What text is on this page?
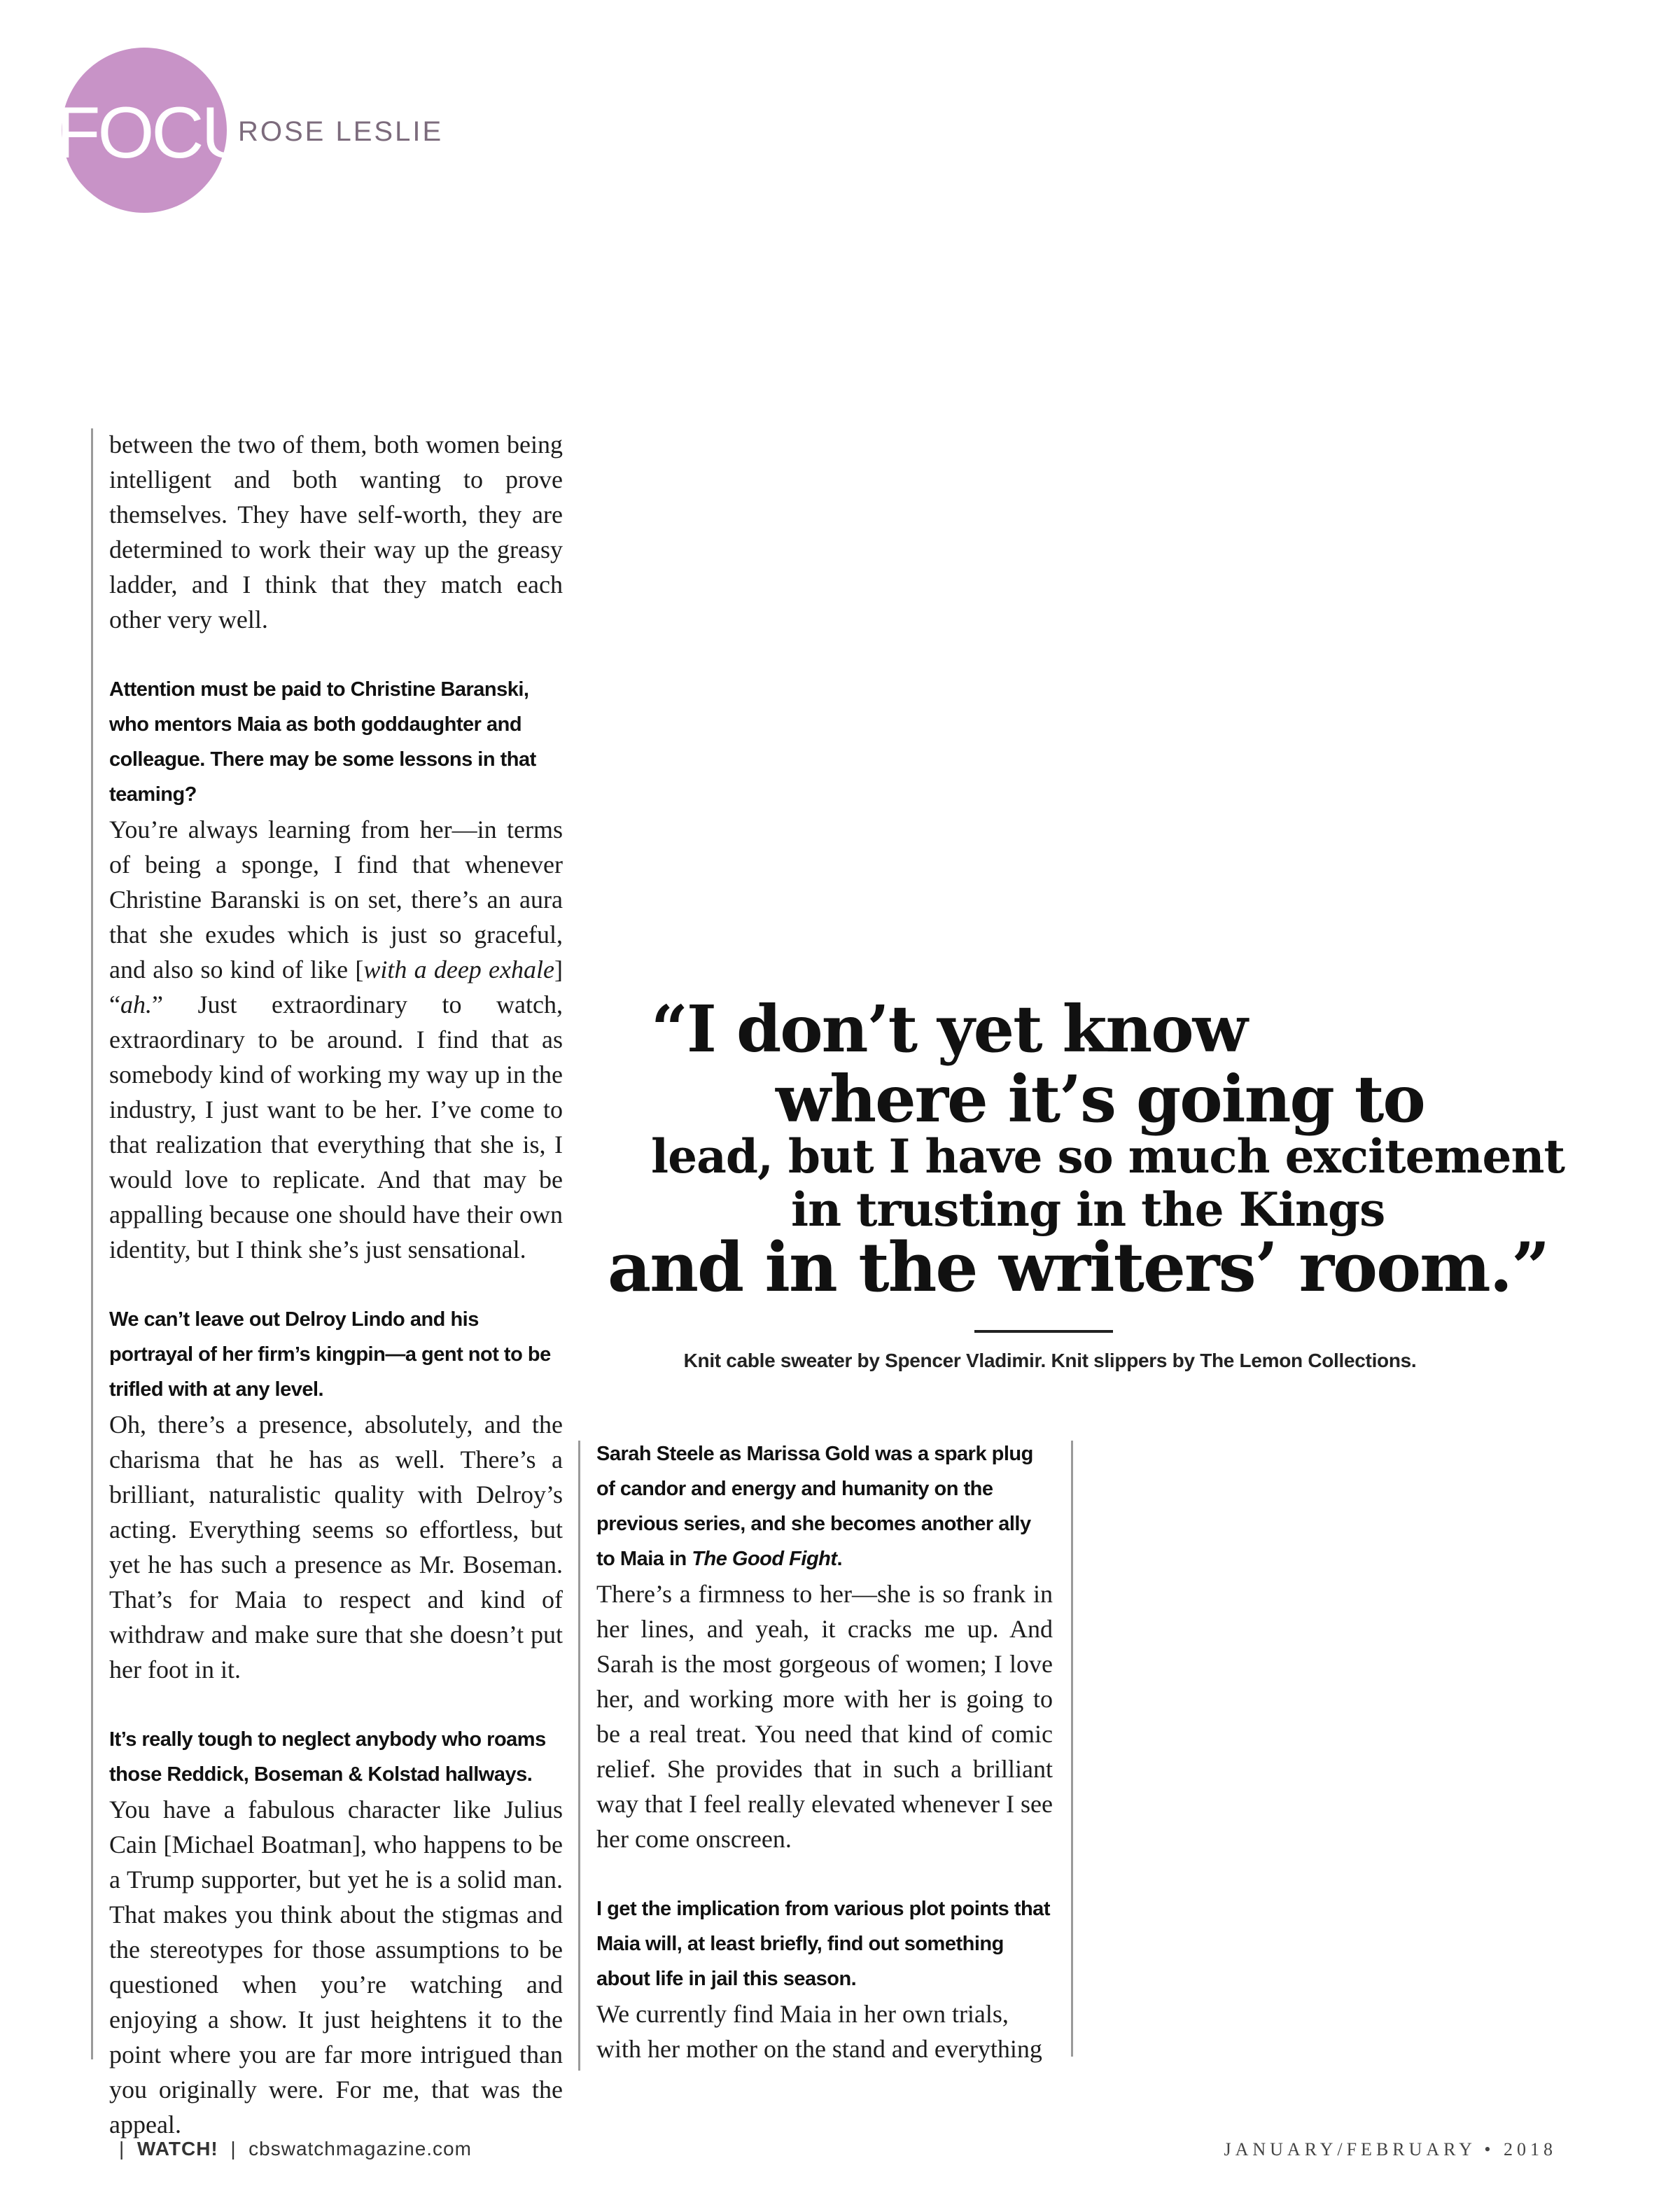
FOCUS
ROSE LESLIE

between the two of them, both women being intelligent and both wanting to prove themselves. They have self-worth, they are determined to work their way up the greasy ladder, and I think that they match each other very well.

Attention must be paid to Christine Baranski, who mentors Maia as both goddaughter and colleague. There may be some lessons in that teaming?

You’re always learning from her—in terms of being a sponge, I find that whenever Christine Baranski is on set, there’s an aura that she exudes which is just so graceful, and also so kind of like [with a deep exhale] “ah.” Just extraordinary to watch, extraordinary to be around. I find that as somebody kind of working my way up in the industry, I just want to be her. I’ve come to that realization that everything that she is, I would love to replicate. And that may be appalling because one should have their own identity, but I think she’s just sensational.

We can’t leave out Delroy Lindo and his portrayal of her firm’s kingpin—a gent not to be trifled with at any level.

Oh, there’s a presence, absolutely, and the charisma that he has as well. There’s a brilliant, naturalistic quality with Delroy’s acting. Everything seems so effortless, but yet he has such a presence as Mr. Boseman. That’s for Maia to respect and kind of withdraw and make sure that she doesn’t put her foot in it.

It’s really tough to neglect anybody who roams those Reddick, Boseman & Kolstad hallways.

You have a fabulous character like Julius Cain [Michael Boatman], who happens to be a Trump supporter, but yet he is a solid man. That makes you think about the stigmas and the stereotypes for those assumptions to be questioned when you’re watching and enjoying a show. It just heightens it to the point where you are far more intrigued than you originally were. For me, that was the appeal.

“I don’t yet know
where it’s going to
lead, but I have so much excitement
in trusting in the Kings
and in the writers’ room.”
Knit cable sweater by Spencer Vladimir. Knit slippers by The Lemon Collections.

Sarah Steele as Marissa Gold was a spark plug of candor and energy and humanity on the previous series, and she becomes another ally to Maia in The Good Fight.

There’s a firmness to her—she is so frank in her lines, and yeah, it cracks me up. And Sarah is the most gorgeous of women; I love her, and working more with her is going to be a real treat. You need that kind of comic relief. She provides that in such a brilliant way that I feel really elevated whenever I see her come onscreen.

I get the implication from various plot points that Maia will, at least briefly, find out something about life in jail this season.

We currently find Maia in her own trials, with her mother on the stand and everything

| WATCH! | cbswatchmagazine.com	JANUARY/FEBRUARY • 2018
